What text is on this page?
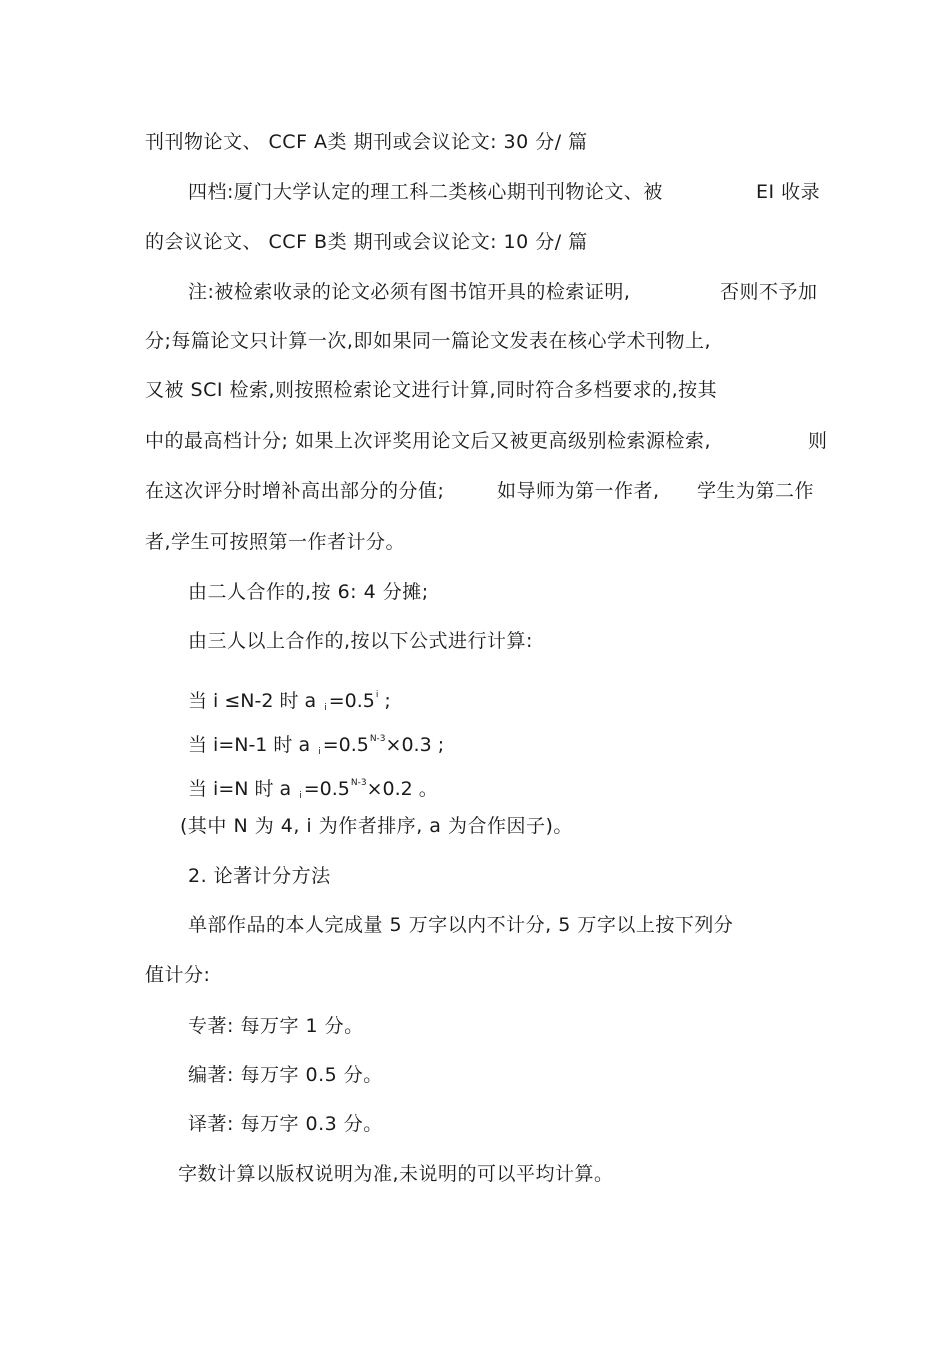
刊刊物论文、 CCF A类 期刊或会议论文: 30 分/ 篇
四档:厦门大学认定的理工科二类核心期刊刊物论文、被	EI 收录
的会议论文、 CCF B类 期刊或会议论文: 10 分/ 篇
注:被检索收录的论文必须有图书馆开具的检索证明,	否则不予加
分;每篇论文只计算一次,即如果同一篇论文发表在核心学术刊物上,
又被 SCI 检索,则按照检索论文进行计算,同时符合多档要求的,按其
中的最高档计分; 如果上次评奖用论文后又被更高级别检索源检索,	则
在这次评分时增补高出部分的分值;	如导师为第一作者, 学生为第二作
者,学生可按照第一作者计分。
由二人合作的,按 6: 4 分摊;
由三人以上合作的,按以下公式进行计算:
当 i ≤N-2 时 a $_i =0.5^i$ ;
当 i=N-1 时 a $_i =0.5^{N-3}\times 0.3$ ;
当 i=N 时 a $_i =0.5^{N-3}\times 0.2$ 。
(其中 N 为 4, i 为作者排序, a 为合作因子)。
2. 论著计分方法
单部作品的本人完成量 5 万字以内不计分, 5 万字以上按下列分
值计分:
专著: 每万字 1 分。
编著: 每万字 0.5 分。
译著: 每万字 0.3 分。
字数计算以版权说明为准,未说明的可以平均计算。
